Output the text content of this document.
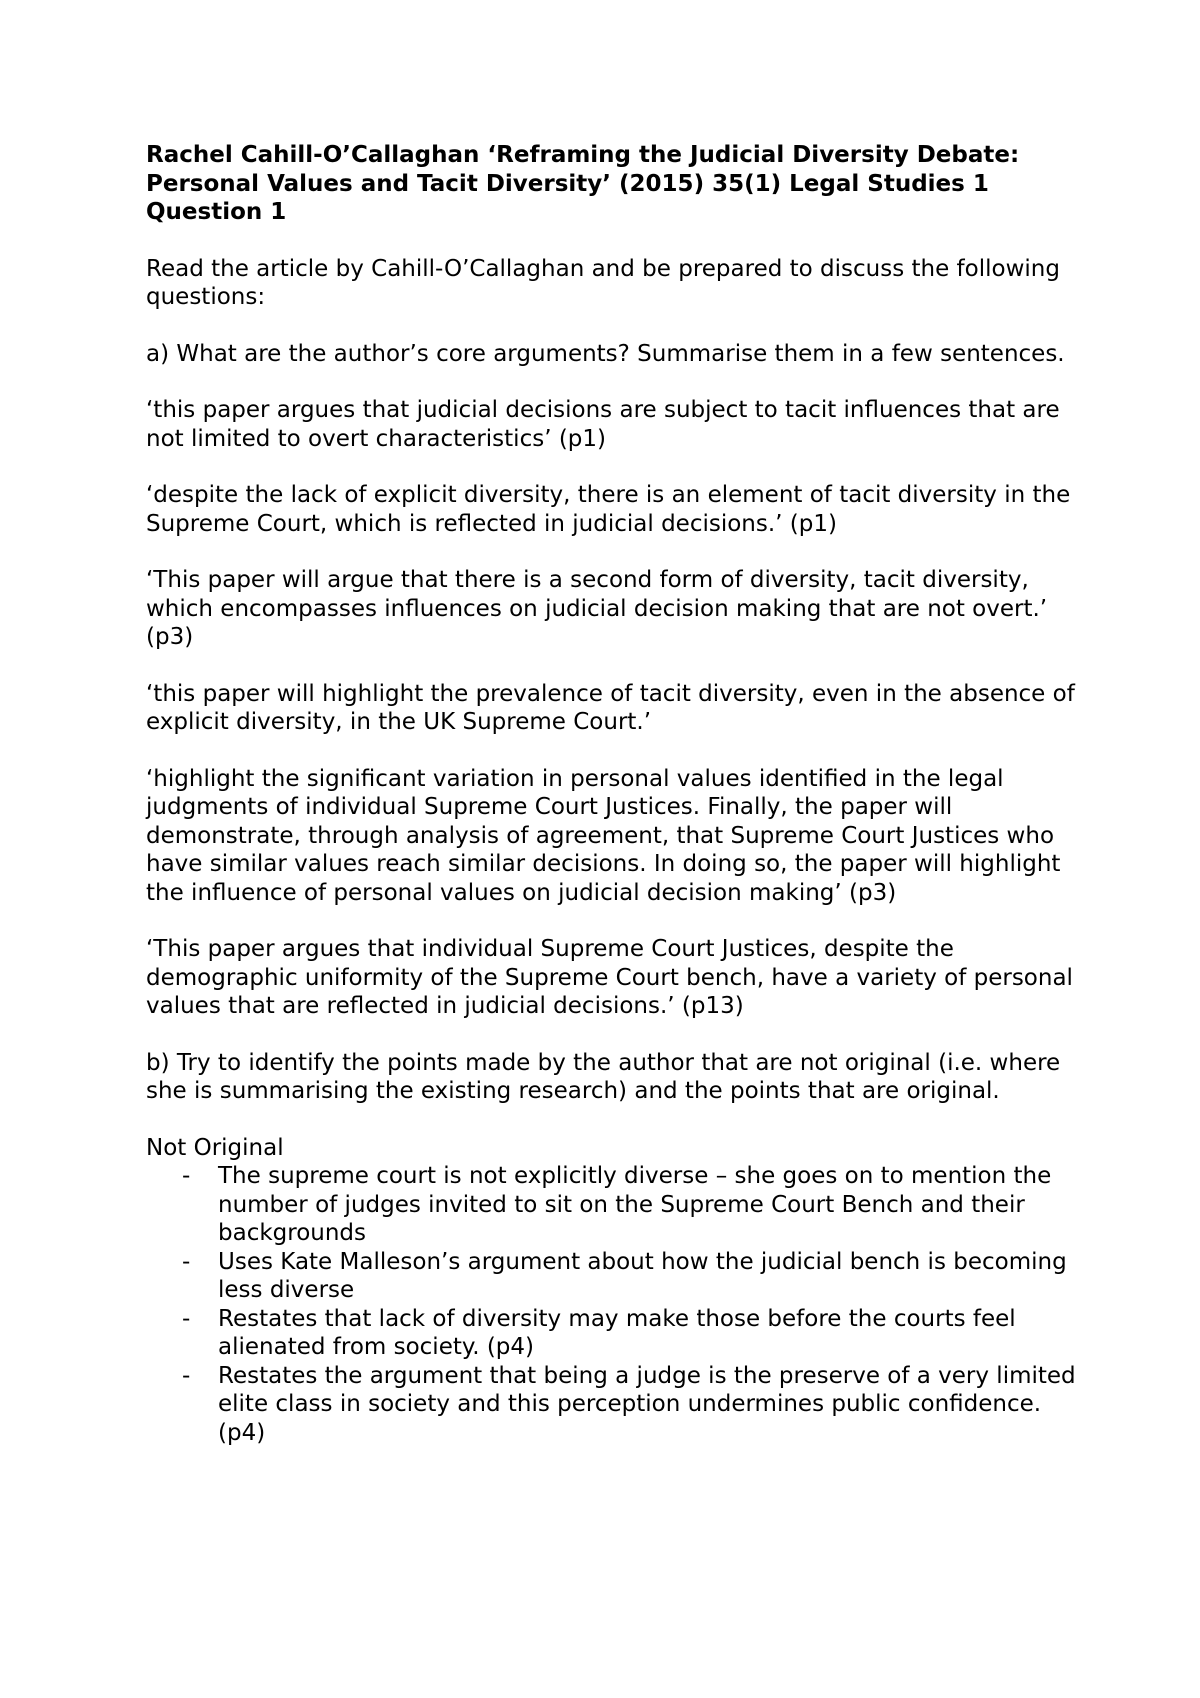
Rachel Cahill-O’Callaghan ‘Reframing the Judicial Diversity Debate: Personal Values and Tacit Diversity’ (2015) 35(1) Legal Studies 1
Question 1

Read the article by Cahill-O’Callaghan and be prepared to discuss the following questions:

a) What are the author’s core arguments? Summarise them in a few sentences.

‘this paper argues that judicial decisions are subject to tacit influences that are not limited to overt characteristics’ (p1)

‘despite the lack of explicit diversity, there is an element of tacit diversity in the Supreme Court, which is reflected in judicial decisions.’ (p1)

‘This paper will argue that there is a second form of diversity, tacit diversity, which encompasses influences on judicial decision making that are not overt.’ (p3)

‘this paper will highlight the prevalence of tacit diversity, even in the absence of explicit diversity, in the UK Supreme Court.’

‘highlight the significant variation in personal values identified in the legal judgments of individual Supreme Court Justices. Finally, the paper will demonstrate, through analysis of agreement, that Supreme Court Justices who have similar values reach similar decisions. In doing so, the paper will highlight the influence of personal values on judicial decision making’ (p3)

‘This paper argues that individual Supreme Court Justices, despite the demographic uniformity of the Supreme Court bench, have a variety of personal values that are reflected in judicial decisions.’ (p13)

b) Try to identify the points made by the author that are not original (i.e. where she is summarising the existing research) and the points that are original.

Not Original
- The supreme court is not explicitly diverse – she goes on to mention the number of judges invited to sit on the Supreme Court Bench and their backgrounds
- Uses Kate Malleson’s argument about how the judicial bench is becoming less diverse
- Restates that lack of diversity may make those before the courts feel alienated from society. (p4)
- Restates the argument that being a judge is the preserve of a very limited elite class in society and this perception undermines public confidence. (p4)
